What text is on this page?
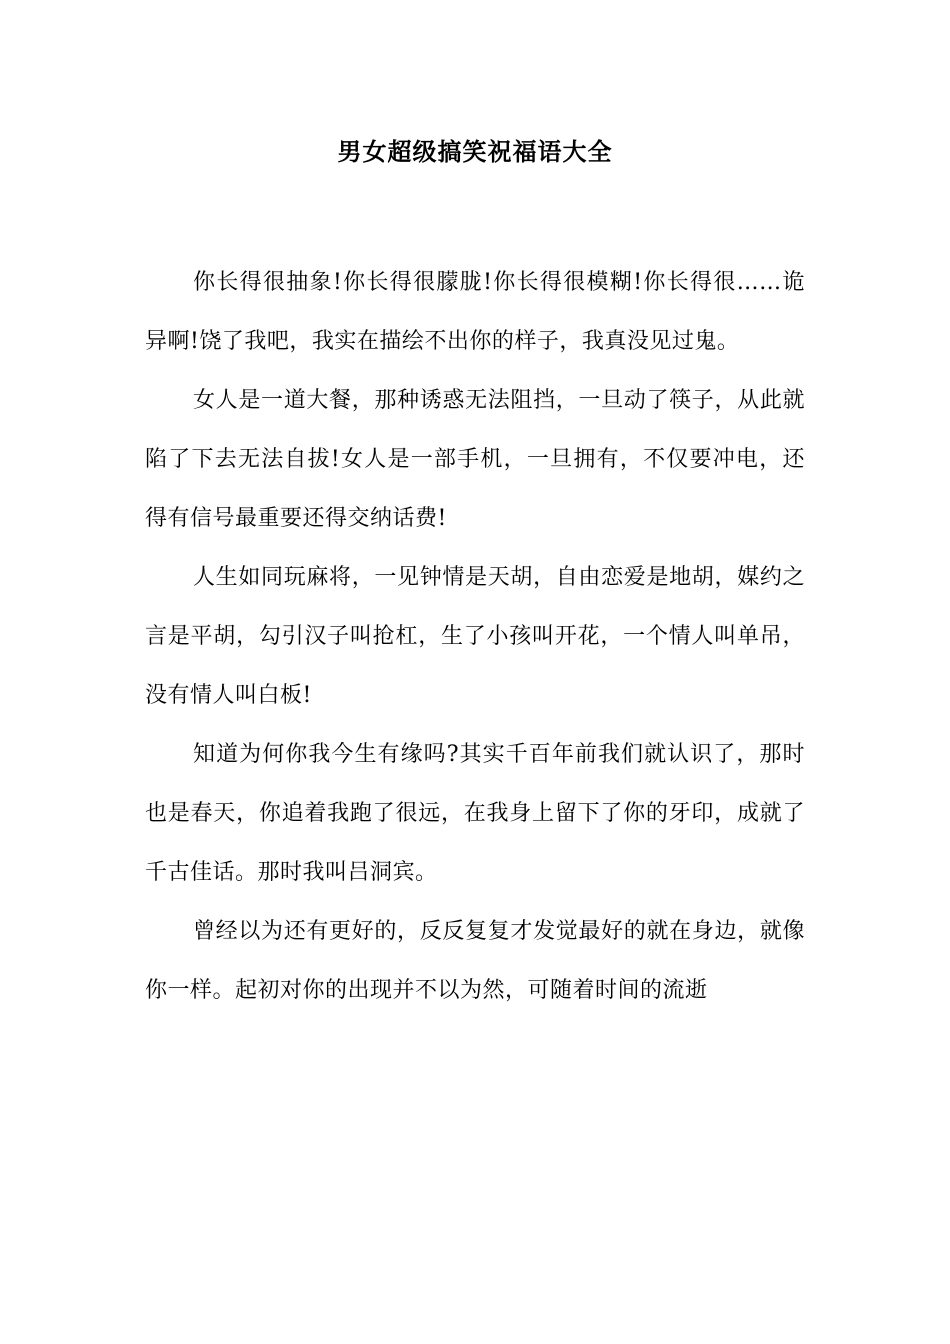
男女超级搞笑祝福语大全

你长得很抽象!你长得很朦胧!你长得很模糊!你长得很……诡异啊!饶了我吧，我实在描绘不出你的样子，我真没见过鬼。

女人是一道大餐，那种诱惑无法阻挡，一旦动了筷子，从此就陷了下去无法自拔!女人是一部手机，一旦拥有，不仅要冲电，还得有信号最重要还得交纳话费!

人生如同玩麻将，一见钟情是天胡，自由恋爱是地胡，媒约之言是平胡，勾引汉子叫抢杠，生了小孩叫开花，一个情人叫单吊，没有情人叫白板!

知道为何你我今生有缘吗?其实千百年前我们就认识了，那时也是春天，你追着我跑了很远，在我身上留下了你的牙印，成就了千古佳话。那时我叫吕洞宾。

曾经以为还有更好的，反反复复才发觉最好的就在身边，就像你一样。起初对你的出现并不以为然，可随着时间的流逝
